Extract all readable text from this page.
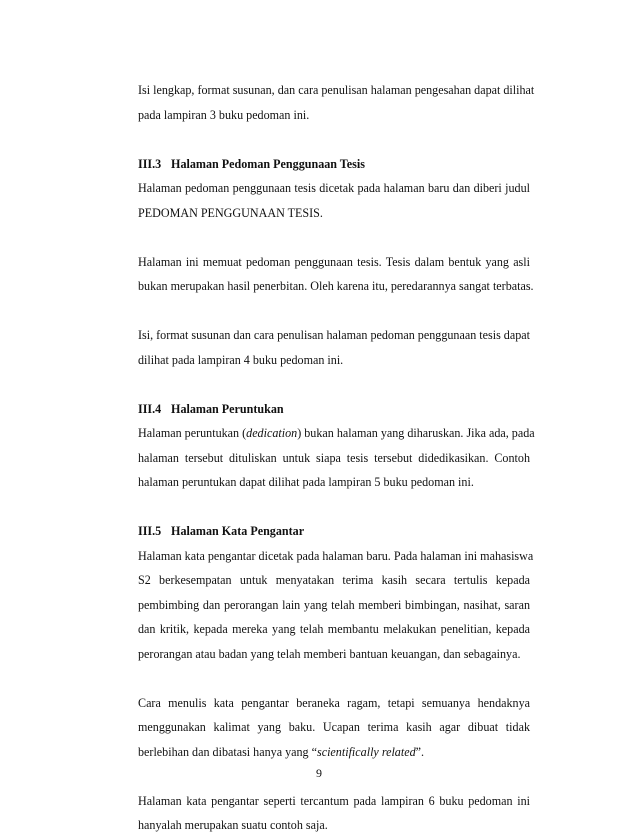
Isi lengkap, format susunan, dan cara penulisan halaman pengesahan dapat dilihat
pada lampiran 3 buku pedoman ini.
III.3 Halaman Pedoman Penggunaan Tesis
Halaman pedoman penggunaan tesis dicetak pada halaman baru dan diberi judul
PEDOMAN PENGGUNAAN TESIS.
Halaman ini memuat pedoman penggunaan tesis. Tesis dalam bentuk yang asli
bukan merupakan hasil penerbitan. Oleh karena itu, peredarannya sangat terbatas.
Isi, format susunan dan cara penulisan halaman pedoman penggunaan tesis dapat
dilihat pada lampiran 4 buku pedoman ini.
III.4 Halaman Peruntukan
Halaman peruntukan (dedication) bukan halaman yang diharuskan. Jika ada, pada
halaman tersebut dituliskan untuk siapa tesis tersebut didedikasikan. Contoh
halaman peruntukan dapat dilihat pada lampiran 5 buku pedoman ini.
III.5 Halaman Kata Pengantar
Halaman kata pengantar dicetak pada halaman baru. Pada halaman ini mahasiswa
S2 berkesempatan untuk menyatakan terima kasih secara tertulis kepada
pembimbing dan perorangan lain yang telah memberi bimbingan, nasihat, saran
dan kritik, kepada mereka yang telah membantu melakukan penelitian, kepada
perorangan atau badan yang telah memberi bantuan keuangan, dan sebagainya.
Cara menulis kata pengantar beraneka ragam, tetapi semuanya hendaknya
menggunakan kalimat yang baku. Ucapan terima kasih agar dibuat tidak
berlebihan dan dibatasi hanya yang “scientifically related”.
Halaman kata pengantar seperti tercantum pada lampiran 6 buku pedoman ini
hanyalah merupakan suatu contoh saja.
9
